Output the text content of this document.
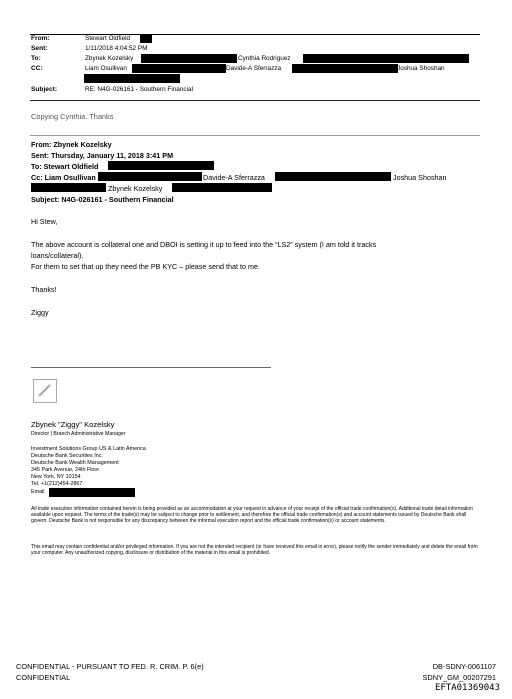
From:	Stewart Oldfield
Sent:	1/11/2018 4:04:52 PM
To:	Zbynek Kozelsky	Cynthia Rodriguez
CC:	Liam Osullivan	Davide-A Sferrazza	Joshua Shoshan
Subject:	RE: N4G-026161 - Southern Financial
Copying Cynthia. Thanks
From: Zbynek Kozelsky
Sent: Thursday, January 11, 2018 3:41 PM
To: Stewart Oldfield
Cc: Liam Osullivan	Davide-A Sferrazza	Joshua Shoshan
Zbynek Kozelsky
Subject: N4G-026161 - Southern Financial
Hi Stew,
The above account is collateral one and DBOI is setting it up to feed into the “LS2” system (I am told it tracks
loans/collateral).
For them to set that up they need the PB KYC – please send that to me.
Thanks!
Ziggy
Zbynek "Ziggy" Kozelsky
Director | Branch Administrative Manager
Investment Solutions Group US & Latin America
Deutsche Bank Securities Inc.
Deutsche Bank Wealth Management
345 Park Avenue, 24th Floor
New York, NY 10154
Tel. +1(212)454-2867
Email
All trade execution information contained herein is being provided as an accommodation at your request in advance of your receipt of the official trade confirmation(s). Additional trade detail information available upon request. The terms of the trade(s) may be subject to change prior to settlement, and therefore the official trade confirmation(s) and account statements issued by Deutsche Bank shall govern. Deutsche Bank is not responsible for any discrepancy between the informal execution report and the official trade confirmation(s) or account statements.
This email may contain confidential and/or privileged information. If you are not the intended recipient (or have received this email in error), please notify the sender immediately and delete the email from your computer. Any unauthorized copying, disclosure or distribution of the material in this email is prohibited.
CONFIDENTIAL - PURSUANT TO FED. R. CRIM. P. 6(e)
CONFIDENTIAL
DB-SDNY-0061107
SDNY_GM_00207291
EFTA01369043
